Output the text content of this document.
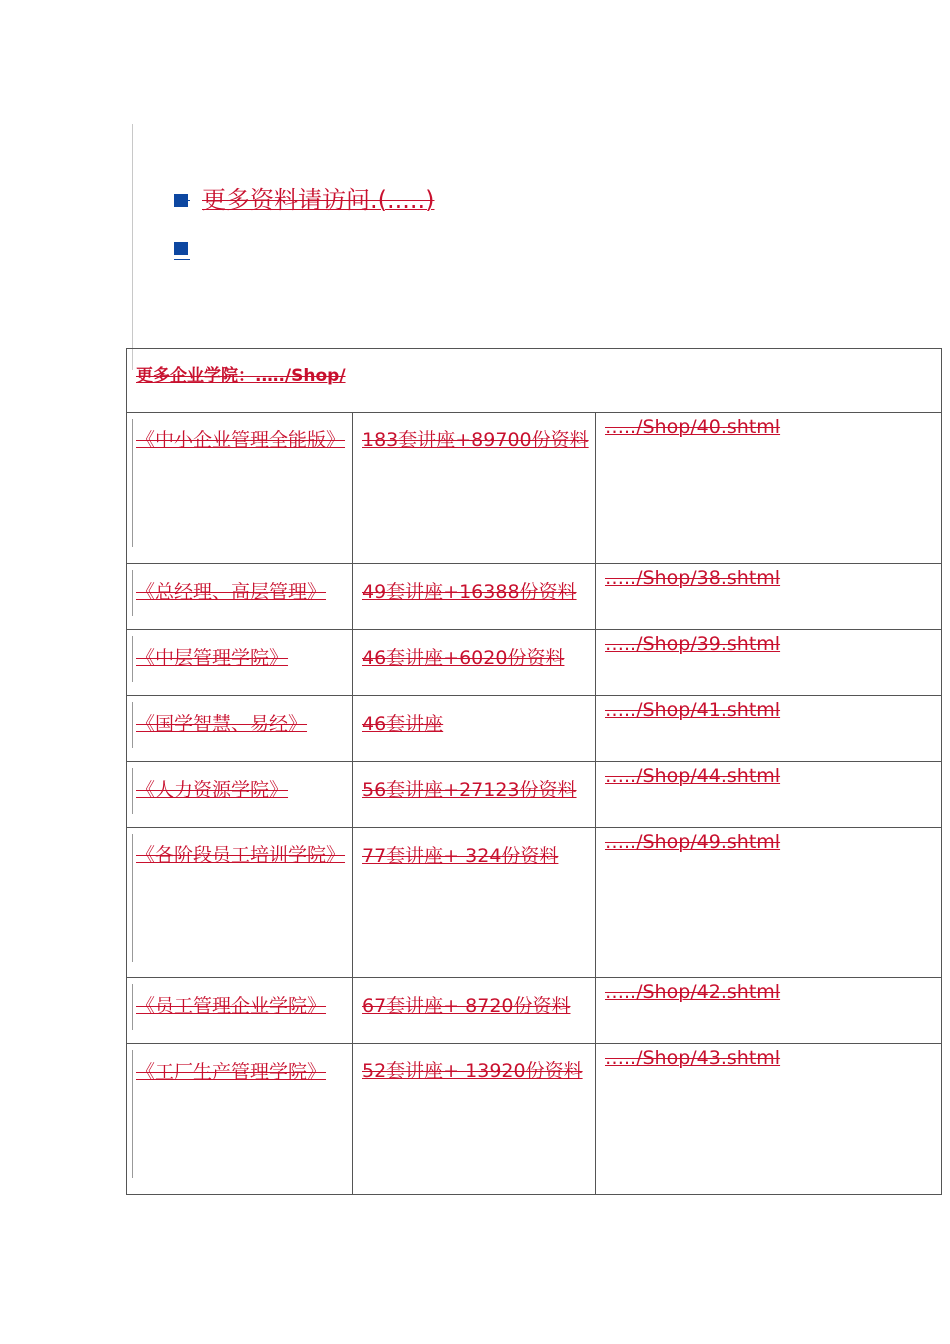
更多资料请访问.(.....)
更多企业学院：.…./Shop/		

《中小企业管理全能版》	183套讲座+89700份资料	…../Shop/40.shtml

《总经理、高层管理》	49套讲座+16388份资料	…../Shop/38.shtml

《中层管理学院》	46套讲座+6020份资料	…../Shop/39.shtml

《国学智慧、易经》	46套讲座	…../Shop/41.shtml

《人力资源学院》	56套讲座+27123份资料	…../Shop/44.shtml

《各阶段员工培训学院》	77套讲座+ 324份资料	…../Shop/49.shtml

《员工管理企业学院》	67套讲座+ 8720份资料	…../Shop/42.shtml

《工厂生产管理学院》	52套讲座+ 13920份资料	…../Shop/43.shtml
